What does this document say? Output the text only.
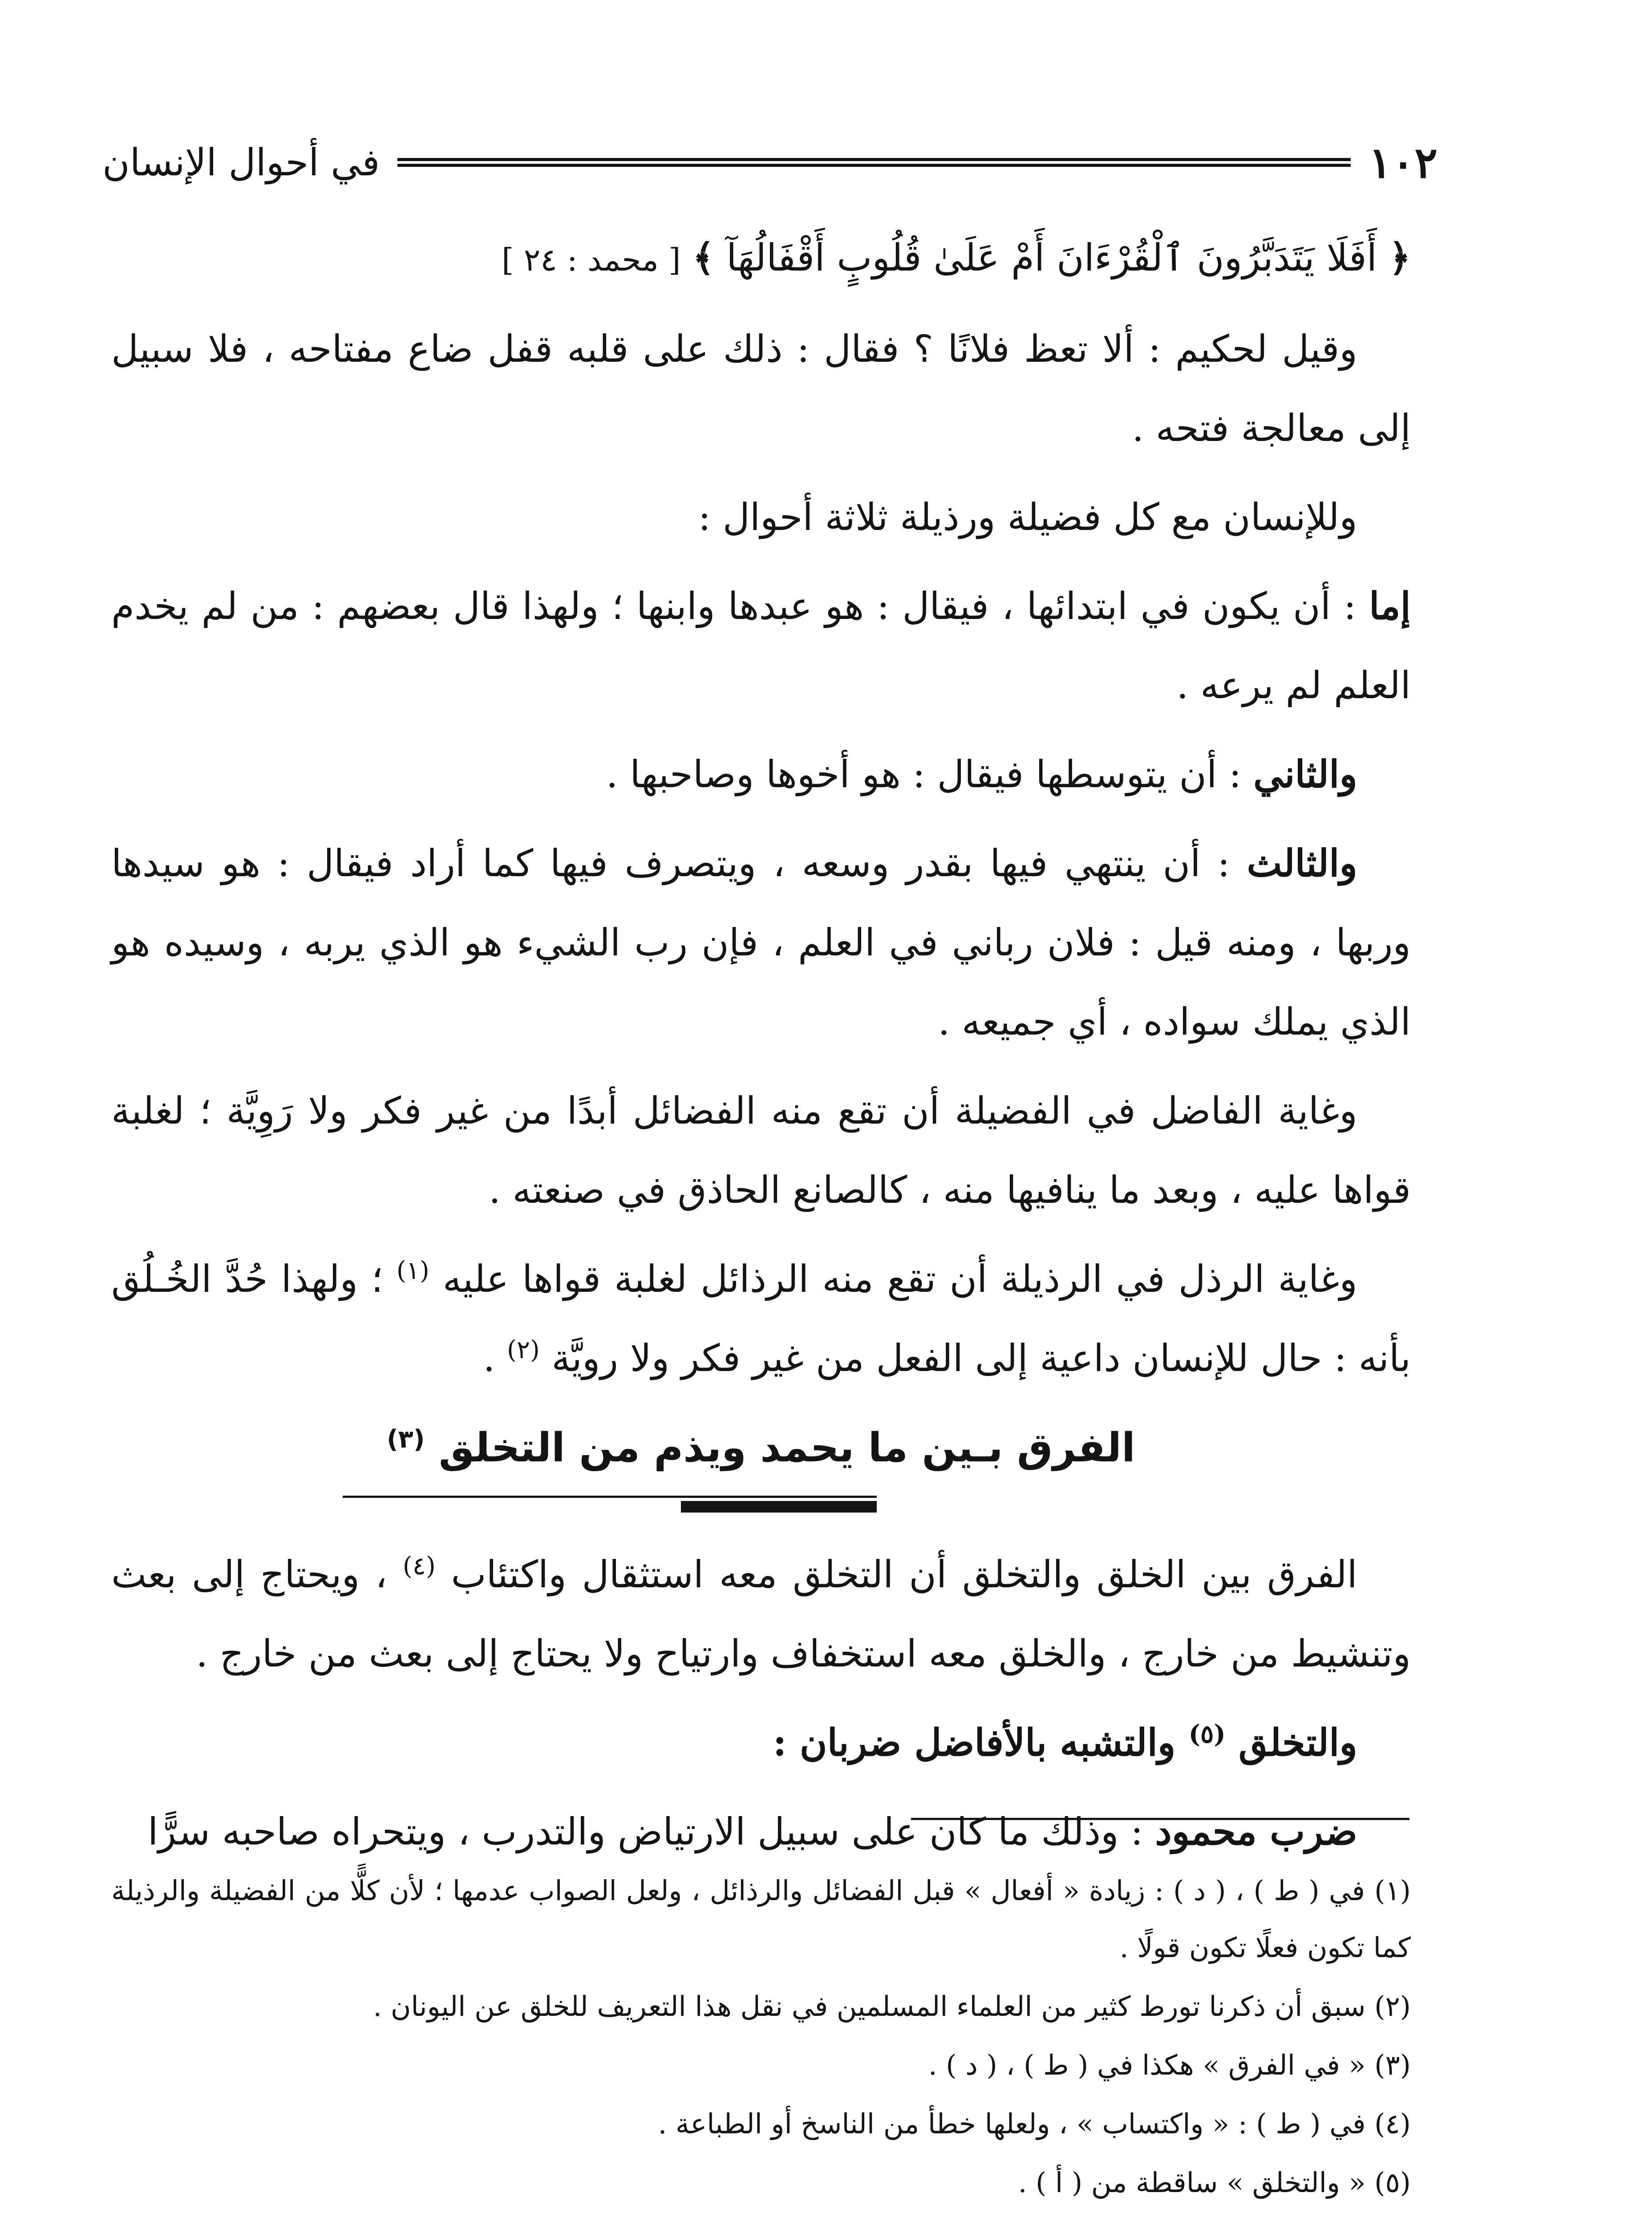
١٠٢
في أحوال الإنسان

﴿ أَفَلَا يَتَدَبَّرُونَ ٱلْقُرْءَانَ أَمْ عَلَىٰ قُلُوبٍ أَقْفَالُهَآ ﴾ [ محمد : ٢٤ ]

وقيل لحكيم : ألا تعظ فلانًا ؟ فقال : ذلك على قلبه قفل ضاع مفتاحه ، فلا سبيل إلى معالجة فتحه .

وللإنسان مع كل فضيلة ورذيلة ثلاثة أحوال :

إما : أن يكون في ابتدائها ، فيقال : هو عبدها وابنها ؛ ولهذا قال بعضهم : من لم يخدم العلم لم يرعه .

والثاني : أن يتوسطها فيقال : هو أخوها وصاحبها .

والثالث : أن ينتهي فيها بقدر وسعه ، ويتصرف فيها كما أراد فيقال : هو سيدها وربها ، ومنه قيل : فلان رباني في العلم ، فإن رب الشيء هو الذي يربه ، وسيده هو الذي يملك سواده ، أي جميعه .

وغاية الفاضل في الفضيلة أن تقع منه الفضائل أبدًا من غير فكر ولا رَوِيَّة ؛ لغلبة قواها عليه ، وبعد ما ينافيها منه ، كالصانع الحاذق في صنعته .

وغاية الرذل في الرذيلة أن تقع منه الرذائل لغلبة قواها عليه $^{(١)}$ ؛ ولهذا حُدَّ الخُـلُق بأنه : حال للإنسان داعية إلى الفعل من غير فكر ولا رويَّة $^{(٢)}$ .

الفرق بـين ما يحمد ويذم من التخلق $^{(٣)}$

الفرق بين الخلق والتخلق أن التخلق معه استثقال واكتئاب $^{(٤)}$ ، ويحتاج إلى بعث وتنشيط من خارج ، والخلق معه استخفاف وارتياح ولا يحتاج إلى بعث من خارج .

والتخلق $^{(٥)}$ والتشبه بالأفاضل ضربان :

ضرب محمود : وذلك ما كان على سبيل الارتياض والتدرب ، ويتحراه صاحبه سرًّا

(١) في ( ط ) ، ( د ) : زيادة « أفعال » قبل الفضائل والرذائل ، ولعل الصواب عدمها ؛ لأن كلًّا من الفضيلة والرذيلة كما تكون فعلًا تكون قولًا .

(٢) سبق أن ذكرنا تورط كثير من العلماء المسلمين في نقل هذا التعريف للخلق عن اليونان .

(٣) « في الفرق » هكذا في ( ط ) ، ( د ) .

(٤) في ( ط ) : « واكتساب » ، ولعلها خطأ من الناسخ أو الطباعة .

(٥) « والتخلق » ساقطة من ( أ ) .
